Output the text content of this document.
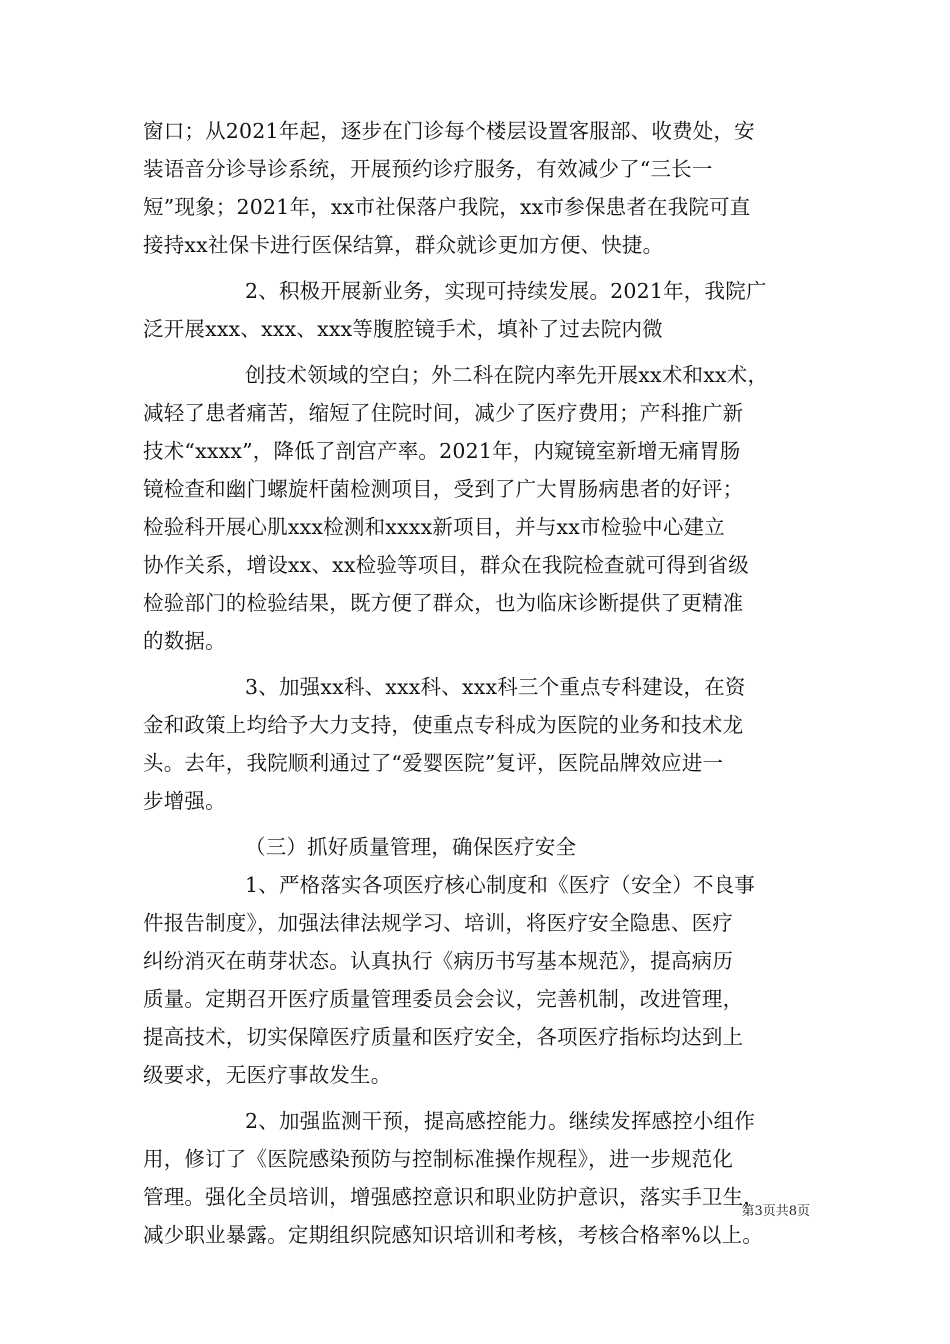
窗口；从2021年起，逐步在门诊每个楼层设置客服部、收费处，安
装语音分诊导诊系统，开展预约诊疗服务，有效减少了“三长一
短”现象；2021年，xx市社保落户我院，xx市参保患者在我院可直
接持xx社保卡进行医保结算，群众就诊更加方便、快捷。
2、积极开展新业务，实现可持续发展。2021年，我院广
泛开展xxx、xxx、xxx等腹腔镜手术，填补了过去院内微
创技术领域的空白；外二科在院内率先开展xx术和xx术，
减轻了患者痛苦，缩短了住院时间，减少了医疗费用；产科推广新
技术“xxxx”，降低了剖宫产率。2021年，内窥镜室新增无痛胃肠
镜检查和幽门螺旋杆菌检测项目，受到了广大胃肠病患者的好评；
检验科开展心肌xxx检测和xxxx新项目，并与xx市检验中心建立
协作关系，增设xx、xx检验等项目，群众在我院检查就可得到省级
检验部门的检验结果，既方便了群众，也为临床诊断提供了更精准
的数据。
3、加强xx科、xxx科、xxx科三个重点专科建设，在资
金和政策上均给予大力支持，使重点专科成为医院的业务和技术龙
头。去年，我院顺利通过了“爱婴医院”复评，医院品牌效应进一
步增强。
（三）抓好质量管理，确保医疗安全
1、严格落实各项医疗核心制度和《医疗（安全）不良事
件报告制度》，加强法律法规学习、培训，将医疗安全隐患、医疗
纠纷消灭在萌芽状态。认真执行《病历书写基本规范》，提高病历
质量。定期召开医疗质量管理委员会会议，完善机制，改进管理，
提高技术，切实保障医疗质量和医疗安全，各项医疗指标均达到上
级要求，无医疗事故发生。
2、加强监测干预，提高感控能力。继续发挥感控小组作
用，修订了《医院感染预防与控制标准操作规程》，进一步规范化
管理。强化全员培训，增强感控意识和职业防护意识，落实手卫生，
减少职业暴露。定期组织院感知识培训和考核，考核合格率%以上。
第3页共8页
